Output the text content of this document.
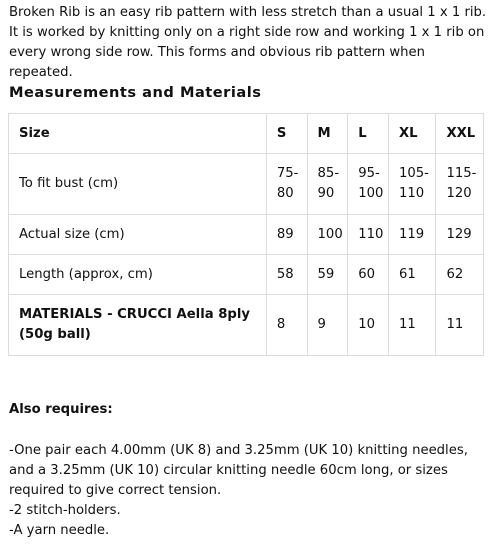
Broken Rib is an easy rib pattern with less stretch than a usual 1 x 1 rib. It is worked by knitting only on a right side row and working 1 x 1 rib on every wrong side row. This forms and obvious rib pattern when repeated.

Measurements and Materials
Size	S	M	L	XL	XXL
To fit bust (cm)	75-80	85-90	95-100	105-110	115-120
Actual size (cm)	89	100	110	119	129
Length (approx, cm)	58	59	60	61	62
MATERIALS - CRUCCI Aella 8ply (50g ball)	8	9	10	11	11

Also requires:

-One pair each 4.00mm (UK 8) and 3.25mm (UK 10) knitting needles, and a 3.25mm (UK 10) circular knitting needle 60cm long, or sizes required to give correct tension.
-2 stitch-holders.
-A yarn needle.
